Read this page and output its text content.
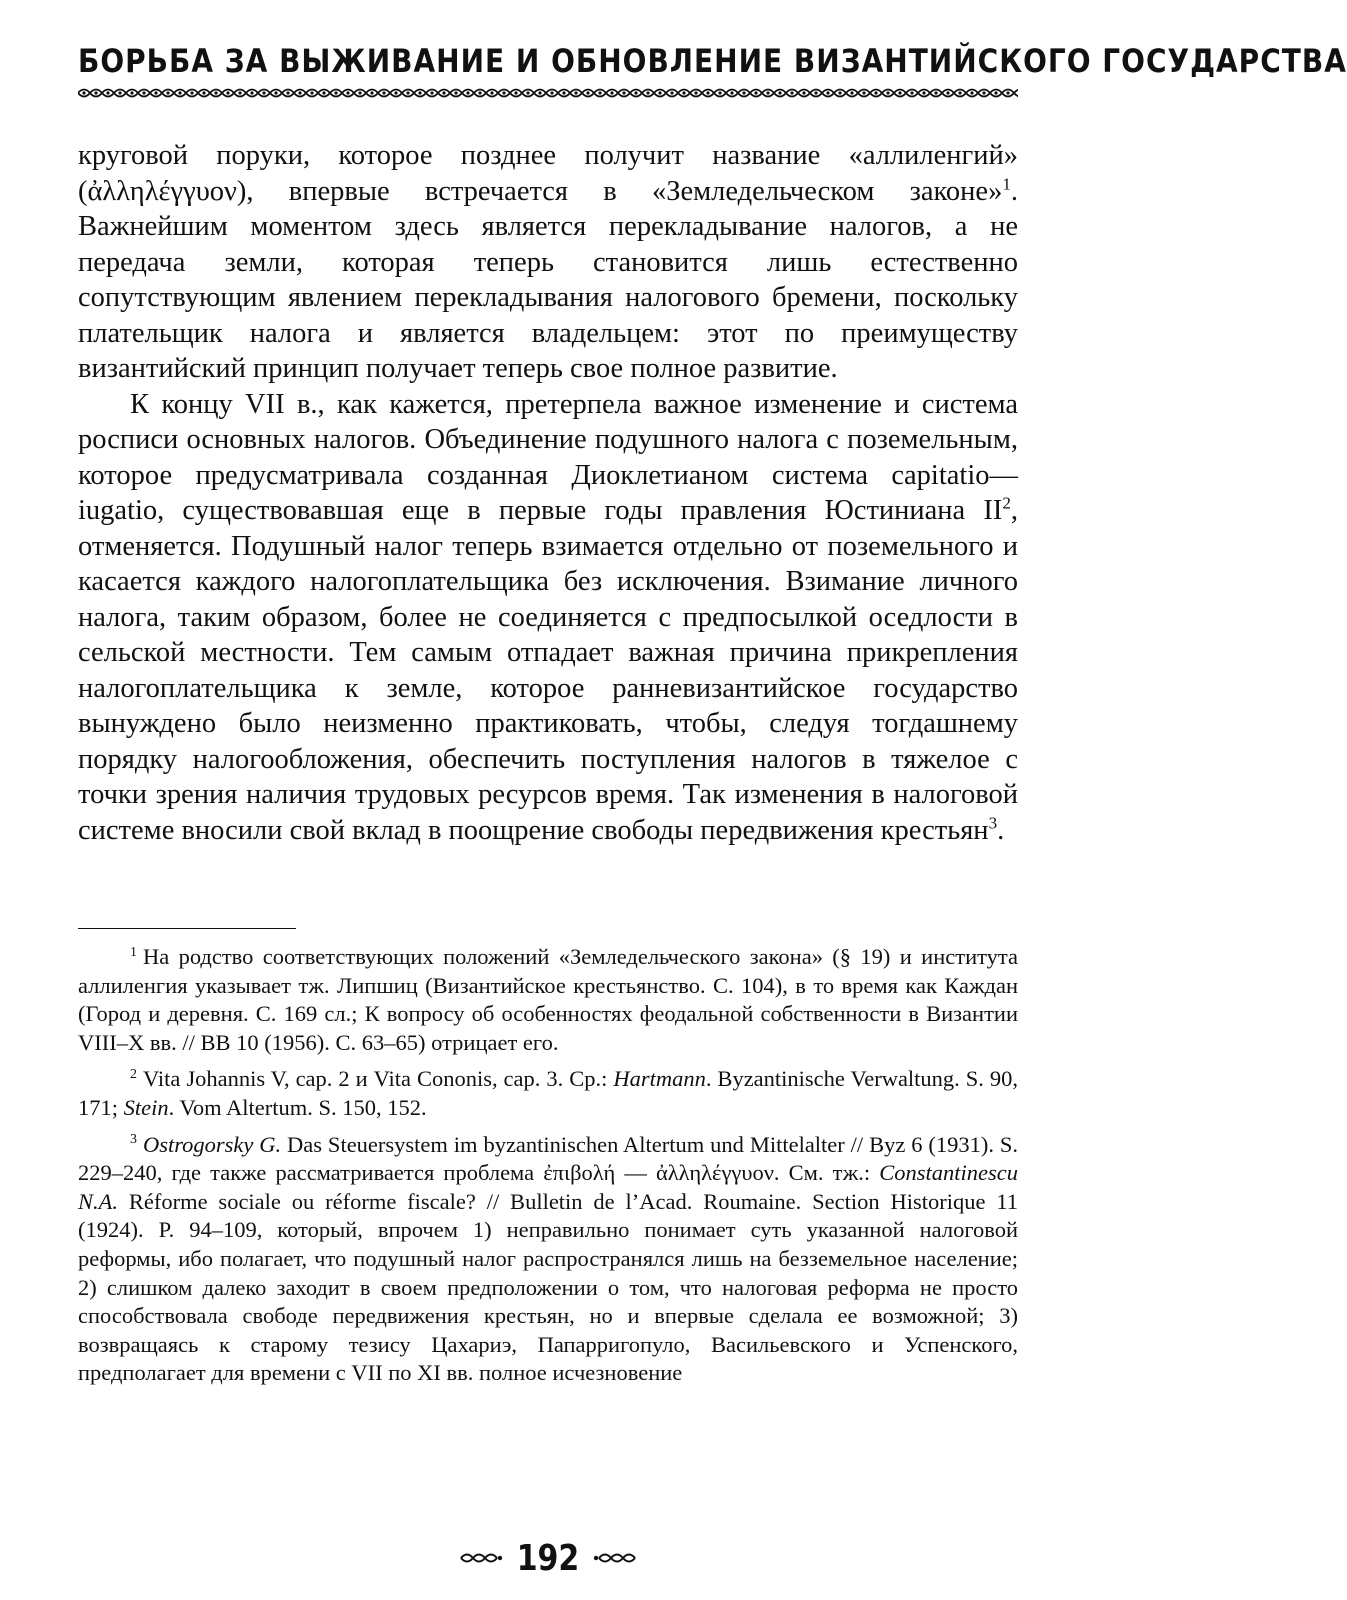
БОРЬБА ЗА ВЫЖИВАНИЕ И ОБНОВЛЕНИЕ ВИЗАНТИЙСКОГО ГОСУДАРСТВА

круговой поруки, которое позднее получит название «аллиленгий» (ἀλληλέγγυον), впервые встречается в «Земледельческом законе»$^1$. Важнейшим моментом здесь является перекладывание налогов, а не передача земли, которая теперь становится лишь естественно сопутствующим явлением перекладывания налогового бремени, поскольку плательщик налога и является владельцем: этот по преимуществу византийский принцип получает теперь свое полное развитие.

К концу VII в., как кажется, претерпела важное изменение и система росписи основных налогов. Объединение подушного налога с поземельным, которое предусматривала созданная Диоклетианом система capitatio—iugatio, существовавшая еще в первые годы правления Юстиниана $II^2$, отменяется. Подушный налог теперь взимается отдельно от поземельного и касается каждого налогоплательщика без исключения. Взимание личного налога, таким образом, более не соединяется с предпосылкой оседлости в сельской местности. Тем самым отпадает важная причина прикрепления налогоплательщика к земле, которое ранневизантийское государство вынуждено было неизменно практиковать, чтобы, следуя тогдашнему порядку налогообложения, обеспечить поступления налогов в тяжелое с точки зрения наличия трудовых ресурсов время. Так изменения в налоговой системе вносили свой вклад в поощрение свободы передвижения крестьян$^3$.

$^1$ На родство соответствующих положений «Земледельческого закона» (§ 19) и института аллиленгия указывает тж. Липшиц (Византийское крестьянство. С. 104), в то время как Каждан (Город и деревня. С. 169 сл.; К вопросу об особенностях феодальной собственности в Византии VIII–X вв. // ВВ 10 (1956). С. 63–65) отрицает его.

$^2$ Vita Johannis V, cap. 2 и Vita Cononis, cap. 3. Cp.: Hartmann. Byzantinische Verwaltung. S. 90, 171; Stein. Vom Altertum. S. 150, 152.

$^3$ Ostrogorsky G. Das Steuersystem im byzantinischen Altertum und Mittelalter // Byz 6 (1931). S. 229–240, где также рассматривается проблема ἐπιβολή — ἀλληλέγγυον. См. тж.: Constantinescu N.A. Réforme sociale ou réforme fiscale? // Bulletin de l’Acad. Roumaine. Section Historique 11 (1924). P. 94–109, который, впрочем 1) неправильно понимает суть указанной налоговой реформы, ибо полагает, что подушный налог распространялся лишь на безземельное население; 2) слишком далеко заходит в своем предположении о том, что налоговая реформа не просто способствовала свободе передвижения крестьян, но и впервые сделала ее возможной; 3) возвращаясь к старому тезису Цахариэ, Папарригопуло, Васильевского и Успенского, предполагает для времени с VII по XI вв. полное исчезновение

192
